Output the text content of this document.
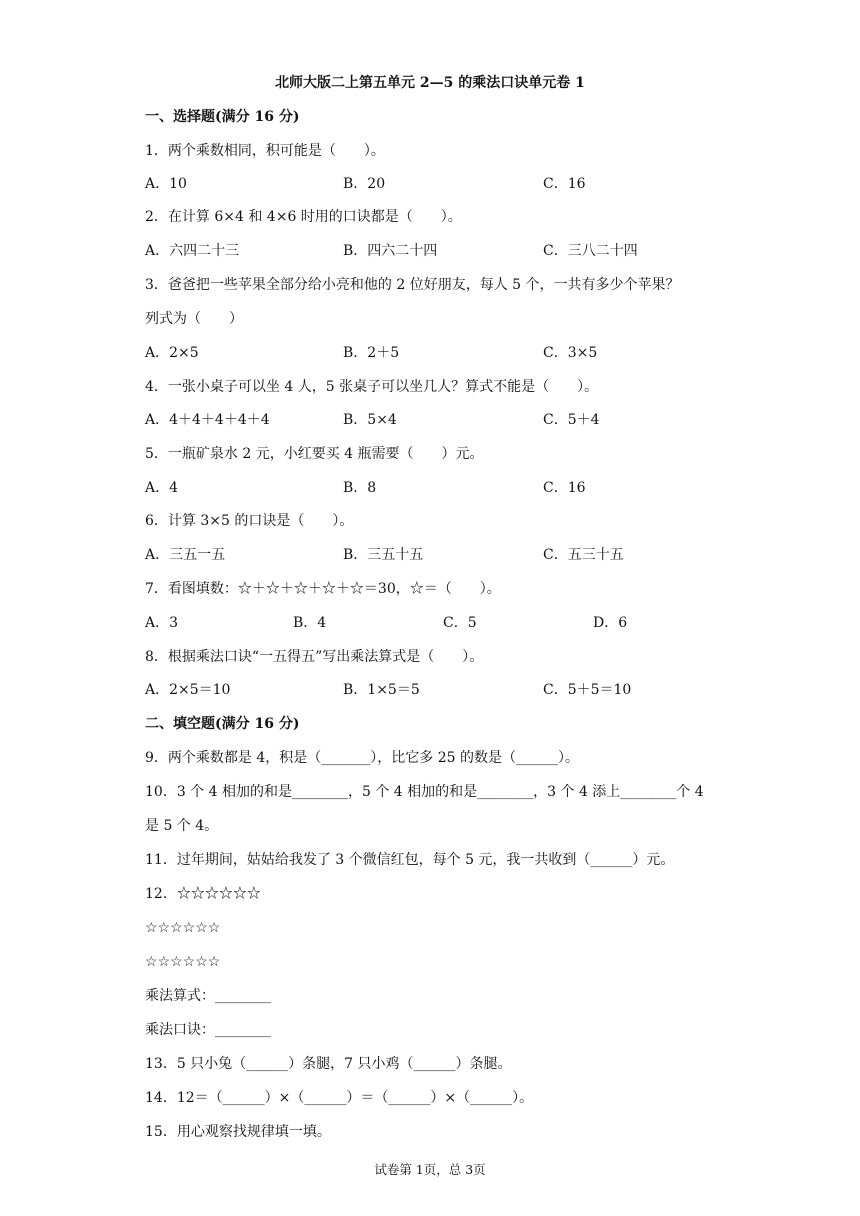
北师大版二上第五单元 2—5 的乘法口诀单元卷 1
一、选择题(满分 16 分)
1．两个乘数相同，积可能是（　　）。
A．10	B．20	C．16
2．在计算 6×4 和 4×6 时用的口诀都是（　　）。
A．六四二十三	B．四六二十四	C．三八二十四
3．爸爸把一些苹果全部分给小亮和他的 2 位好朋友，每人 5 个，一共有多少个苹果？
列式为（　　）
A．2×5	B．2＋5	C．3×5
4．一张小桌子可以坐 4 人，5 张桌子可以坐几人？算式不能是（　　）。
A．4＋4＋4＋4＋4	B．5×4	C．5＋4
5．一瓶矿泉水 2 元，小红要买 4 瓶需要（　　）元。
A．4	B．8	C．16
6．计算 3×5 的口诀是（　　）。
A．三五一五	B．三五十五	C．五三十五
7．看图填数：☆＋☆＋☆＋☆＋☆＝30，☆＝（　　）。
A．3	B．4	C．5	D．6
8．根据乘法口诀“一五得五”写出乘法算式是（　　）。
A．2×5＝10	B．1×5＝5	C．5＋5＝10
二、填空题(满分 16 分)
9．两个乘数都是 4，积是（_______），比它多 25 的数是（______）。
10．3 个 4 相加的和是________，5 个 4 相加的和是________，3 个 4 添上________个 4
是 5 个 4。
11．过年期间，姑姑给我发了 3 个微信红包，每个 5 元，我一共收到（______）元。
12．☆☆☆☆☆☆
☆☆☆☆☆☆
☆☆☆☆☆☆
乘法算式：________
乘法口诀：________
13．5 只小兔（______）条腿，7 只小鸡（______）条腿。
14．12＝（______）×（______）＝（______）×（______）。
15．用心观察找规律填一填。
试卷第 1页，总 3页
